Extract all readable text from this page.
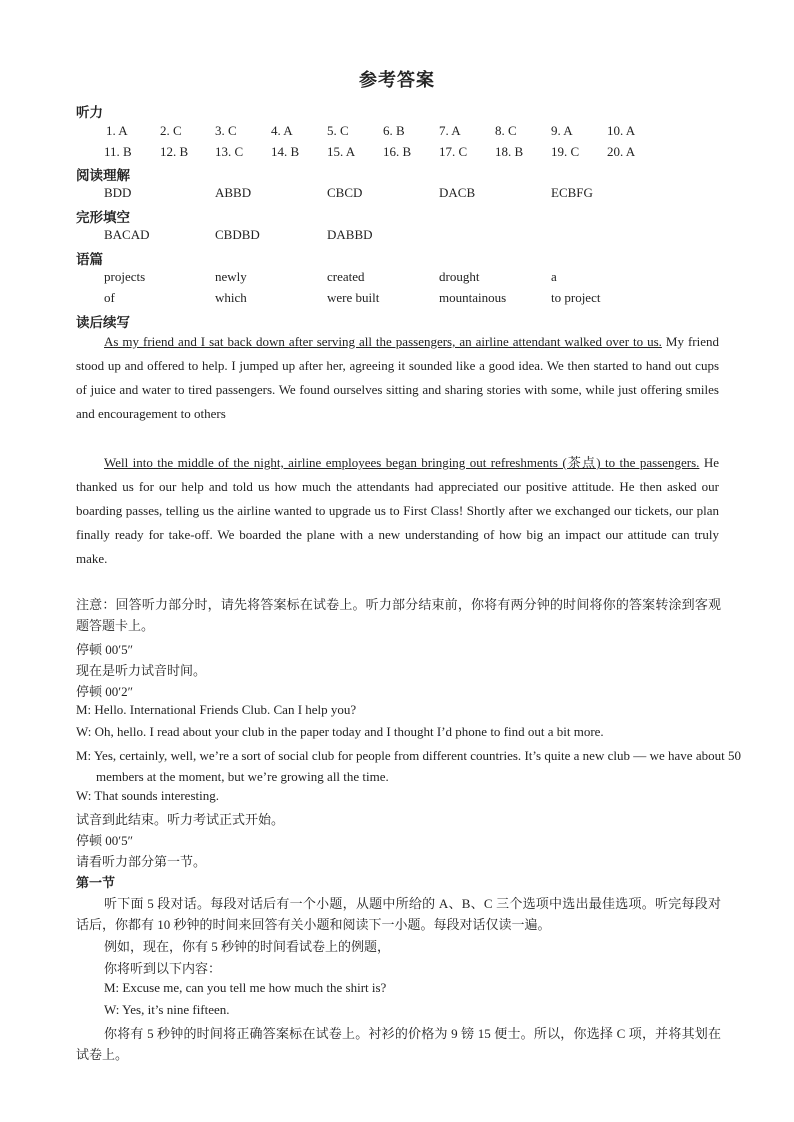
参考答案
听力
1. A 2. C	3. C	4. A	5. C	6. B	7. A	8. C	9. A	10. A
11. B 12. B 13. C 14. B 15. A 16. B 17. C 18. B 19. C 20. A
阅读理解
BDD	ABBD	CBCD	DACB	ECBFG
完形填空
BACAD	CBDBD	DABBD
语篇
projects	newly	created	drought	a
of	which	were built	mountainous	to project
读后续写
As my friend and I sat back down after serving all the passengers, an airline attendant walked over to us. My friend stood up and offered to help. I jumped up after her, agreeing it sounded like a good idea. We then started to hand out cups of juice and water to tired passengers. We found ourselves sitting and sharing stories with some, while just offering smiles and encouragement to others
Well into the middle of the night, airline employees began bringing out refreshments (茶点) to the passengers. He thanked us for our help and told us how much the attendants had appreciated our positive attitude. He then asked our boarding passes, telling us the airline wanted to upgrade us to First Class! Shortly after we exchanged our tickets, our plan finally ready for take-off. We boarded the plane with a new understanding of how big an impact our attitude can truly make.
注意：回答听力部分时，请先将答案标在试卷上。听力部分结束前，你将有两分钟的时间将你的答案转涂到客观题答题卡上。
停顿 00′5″
现在是听力试音时间。
停顿 00′2″
M: Hello. International Friends Club. Can I help you?
W: Oh, hello. I read about your club in the paper today and I thought I’d phone to find out a bit more.
M: Yes, certainly, well, we’re a sort of social club for people from different countries. It’s quite a new club — we have about 50 members at the moment, but we’re growing all the time.
W: That sounds interesting.
试音到此结束。听力考试正式开始。
停顿 00′5″
请看听力部分第一节。
第一节
听下面 5 段对话。每段对话后有一个小题，从题中所给的 A、B、C 三个选项中选出最佳选项。听完每段对话后，你都有 10 秒钟的时间来回答有关小题和阅读下一小题。每段对话仅读一遍。
例如，现在，你有 5 秒钟的时间看试卷上的例题，
你将听到以下内容：
M: Excuse me, can you tell me how much the shirt is?
W: Yes, it’s nine fifteen.
你将有 5 秒钟的时间将正确答案标在试卷上。衬衫的价格为 9 镑 15 便士。所以，你选择 C 项，并将其划在试卷上。
